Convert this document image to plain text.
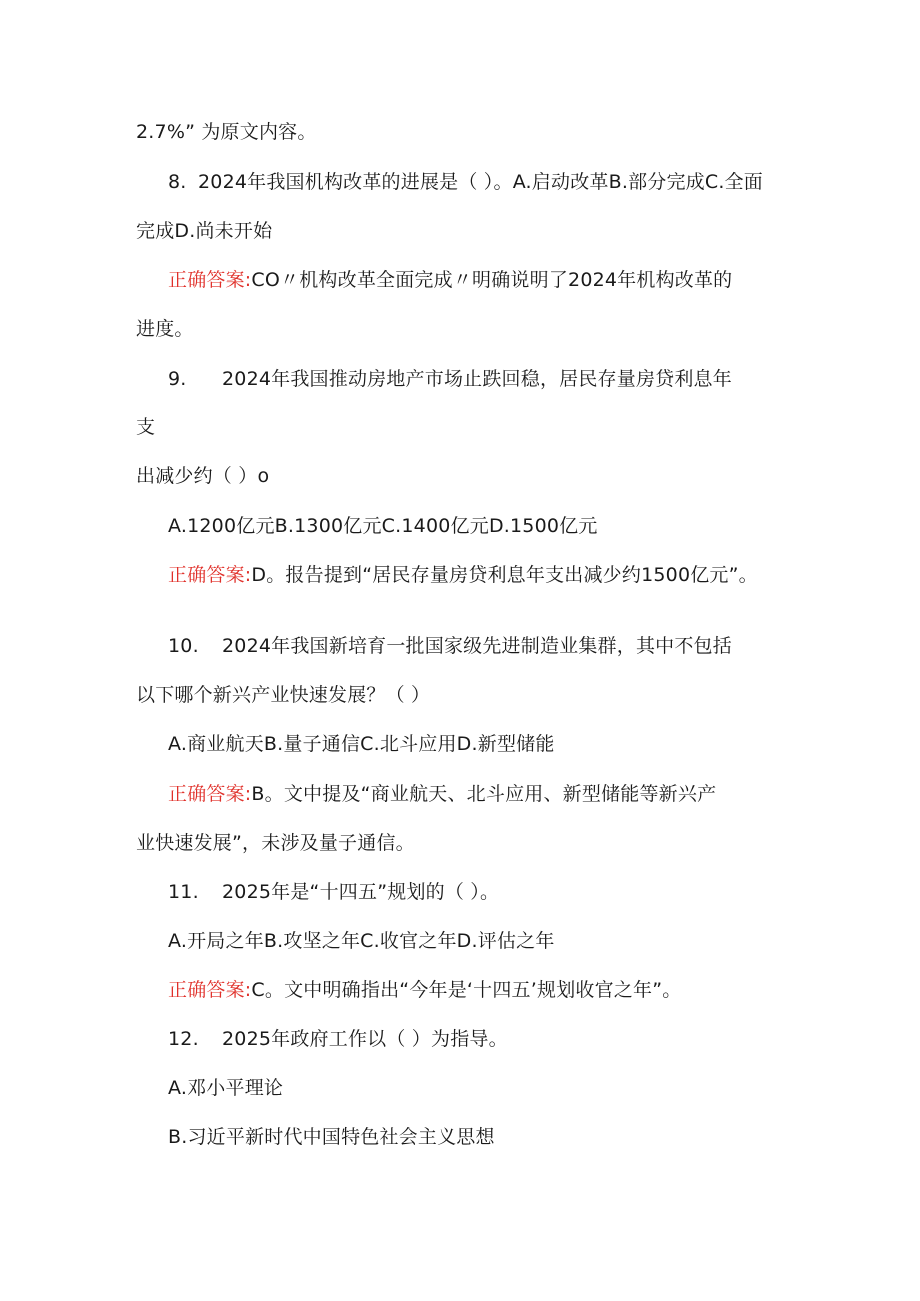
2.7%” 为原文内容。
8. 2024年我国机构改革的进展是（ ）。A.启动改革B.部分完成C.全面
完成D.尚未开始
正确答案:CO〃机构改革全面完成〃明确说明了2024年机构改革的
进度。
9. 2024年我国推动房地产市场止跌回稳，居民存量房贷利息年
支
出减少约（ ）o
A.1200亿元B.1300亿元C.1400亿元D.1500亿元
正确答案:D。报告提到“居民存量房贷利息年支出减少约1500亿元”。
10. 2024年我国新培育一批国家级先进制造业集群，其中不包括
以下哪个新兴产业快速发展？（ ）
A.商业航天B.量子通信C.北斗应用D.新型储能
正确答案:B。文中提及“商业航天、北斗应用、新型储能等新兴产
业快速发展”，未涉及量子通信。
11. 2025年是“十四五”规划的（ ）。
A.开局之年B.攻坚之年C.收官之年D.评估之年
正确答案:C。文中明确指出“今年是‘十四五’规划收官之年”。
12. 2025年政府工作以（ ）为指导。
A.邓小平理论
B.习近平新时代中国特色社会主义思想
